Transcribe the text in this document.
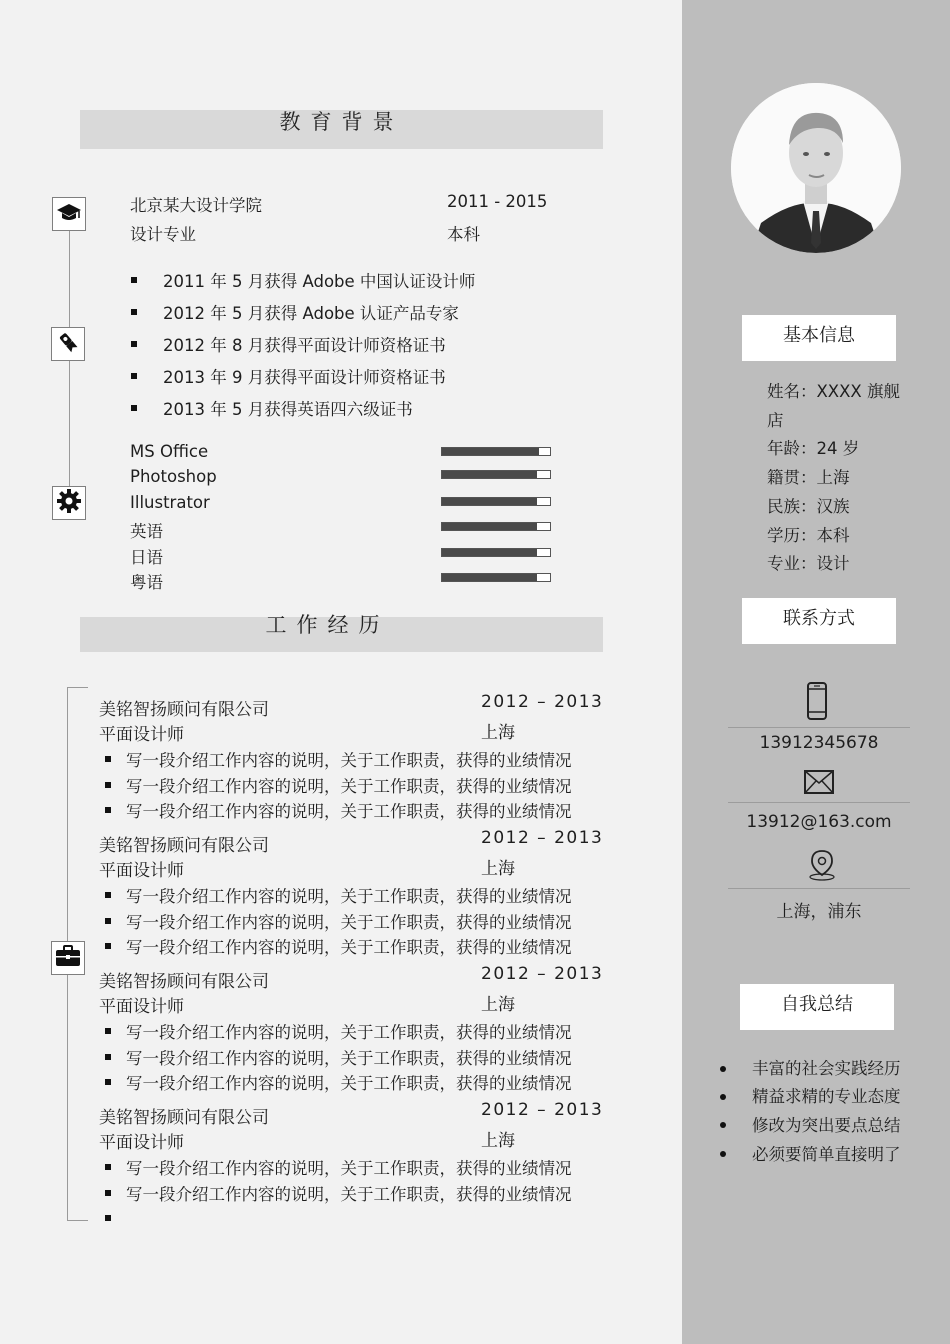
教育背景
北京某大设计学院	2011 - 2015
设计专业	本科
2011 年 5 月获得 Adobe 中国认证设计师
2012 年 5 月获得 Adobe 认证产品专家
2012 年 8 月获得平面设计师资格证书
2013 年 9 月获得平面设计师资格证书
2013 年 5 月获得英语四六级证书
MS Office
Photoshop
Illustrator
英语
日语
粤语
工作经历
美铭智扬顾问有限公司	2012 – 2013
平面设计师	上海
写一段介绍工作内容的说明，关于工作职责，获得的业绩情况
写一段介绍工作内容的说明，关于工作职责，获得的业绩情况
写一段介绍工作内容的说明，关于工作职责，获得的业绩情况
美铭智扬顾问有限公司	2012 – 2013
平面设计师	上海
写一段介绍工作内容的说明，关于工作职责，获得的业绩情况
写一段介绍工作内容的说明，关于工作职责，获得的业绩情况
写一段介绍工作内容的说明，关于工作职责，获得的业绩情况
美铭智扬顾问有限公司	2012 – 2013
平面设计师	上海
写一段介绍工作内容的说明，关于工作职责，获得的业绩情况
写一段介绍工作内容的说明，关于工作职责，获得的业绩情况
写一段介绍工作内容的说明，关于工作职责，获得的业绩情况
美铭智扬顾问有限公司	2012 – 2013
平面设计师	上海
写一段介绍工作内容的说明，关于工作职责，获得的业绩情况
写一段介绍工作内容的说明，关于工作职责，获得的业绩情况
基本信息
姓名：XXXX 旗舰
店
年龄：24 岁
籍贯：上海
民族：汉族
学历：本科
专业：设计
联系方式
13912345678
13912@163.com
上海，浦东
自我总结
丰富的社会实践经历
精益求精的专业态度
修改为突出要点总结
必须要简单直接明了
